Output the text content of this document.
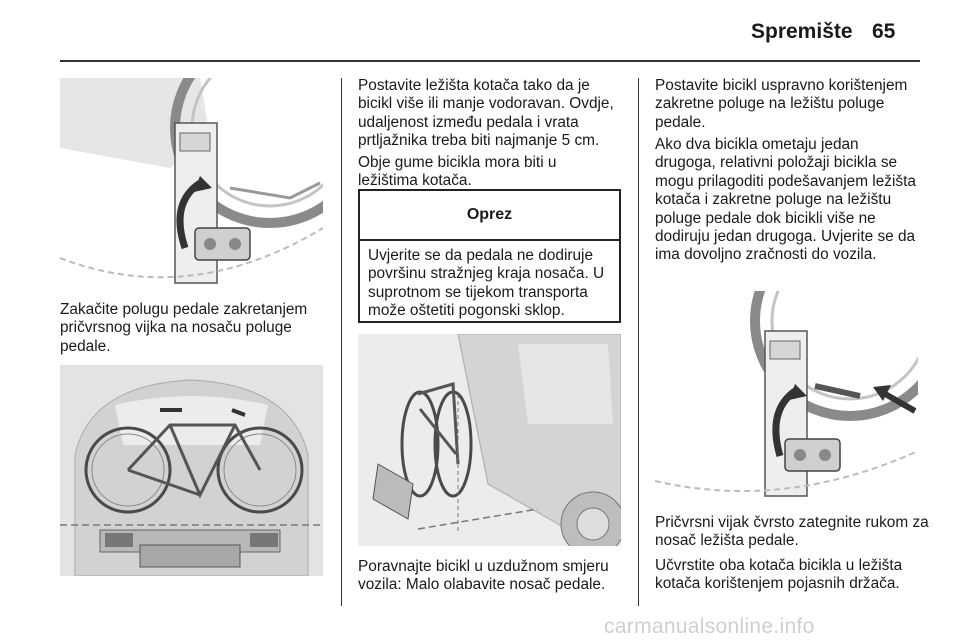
Spremište 65

Zakačite polugu pedale zakretanjem pričvrsnog vijka na nosaču poluge pedale.

Postavite ležišta kotača tako da je bicikl više ili manje vodoravan. Ovdje, udaljenost između pedala i vrata prtljažnika treba biti najmanje 5 cm.

Obje gume bicikla mora biti u ležištima kotača.

Oprez
Uvjerite se da pedala ne dodiruje površinu stražnjeg kraja nosača. U suprotnom se tijekom transporta može oštetiti pogonski sklop.

Poravnajte bicikl u uzdužnom smjeru vozila: Malo olabavite nosač pedale.

Postavite bicikl uspravno korištenjem zakretne poluge na ležištu poluge pedale.

Ako dva bicikla ometaju jedan drugoga, relativni položaji bicikla se mogu prilagoditi podešavanjem ležišta kotača i zakretne poluge na ležištu poluge pedale dok bicikli više ne dodiruju jedan drugoga. Uvjerite se da ima dovoljno zračnosti do vozila.

Pričvrsni vijak čvrsto zategnite rukom za nosač ležišta pedale.

Učvrstite oba kotača bicikla u ležišta kotača korištenjem pojasnih držača.

carmanualsonline.info
